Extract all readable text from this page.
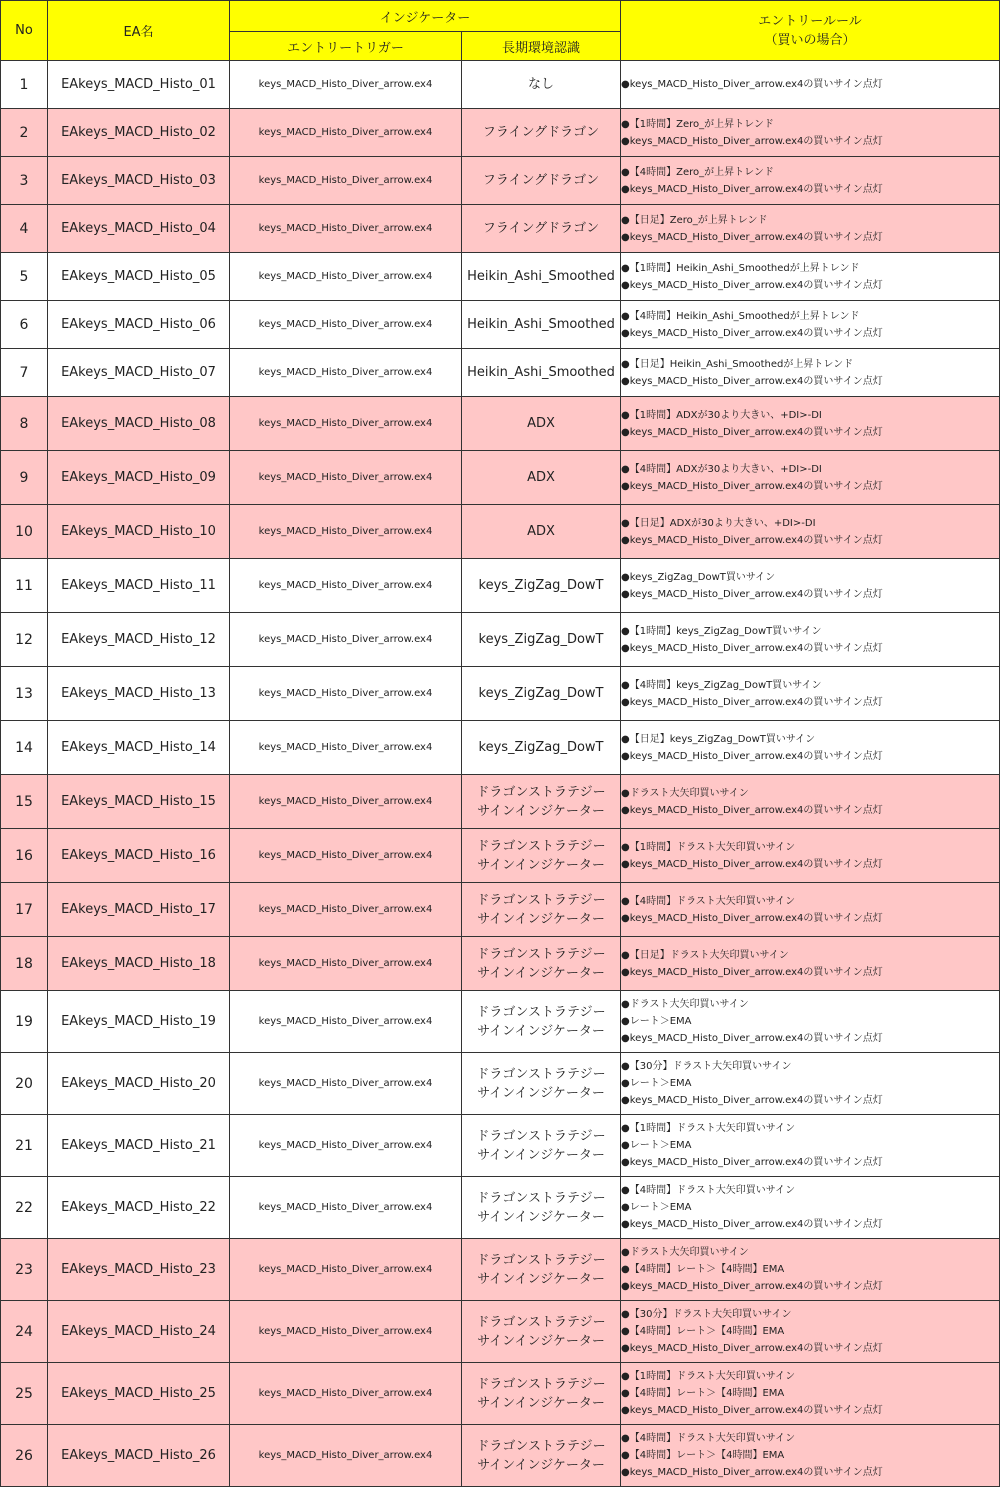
No	EA名	インジケーター		エントリールール
（買いの場合）

		エントリートリガー	長期環境認識	
1	EAkeys_MACD_Histo_01	keys_MACD_Histo_Diver_arrow.ex4	なし	●keys_MACD_Histo_Diver_arrow.ex4の買いサイン点灯

2	EAkeys_MACD_Histo_02	keys_MACD_Histo_Diver_arrow.ex4	フライングドラゴン	●【1時間】Zero_が上昇トレンド
●keys_MACD_Histo_Diver_arrow.ex4の買いサイン点灯

3	EAkeys_MACD_Histo_03	keys_MACD_Histo_Diver_arrow.ex4	フライングドラゴン	●【4時間】Zero_が上昇トレンド
●keys_MACD_Histo_Diver_arrow.ex4の買いサイン点灯

4	EAkeys_MACD_Histo_04	keys_MACD_Histo_Diver_arrow.ex4	フライングドラゴン	●【日足】Zero_が上昇トレンド
●keys_MACD_Histo_Diver_arrow.ex4の買いサイン点灯

5	EAkeys_MACD_Histo_05	keys_MACD_Histo_Diver_arrow.ex4	Heikin_Ashi_Smoothed	●【1時間】Heikin_Ashi_Smoothedが上昇トレンド
●keys_MACD_Histo_Diver_arrow.ex4の買いサイン点灯

6	EAkeys_MACD_Histo_06	keys_MACD_Histo_Diver_arrow.ex4	Heikin_Ashi_Smoothed	●【4時間】Heikin_Ashi_Smoothedが上昇トレンド
●keys_MACD_Histo_Diver_arrow.ex4の買いサイン点灯

7	EAkeys_MACD_Histo_07	keys_MACD_Histo_Diver_arrow.ex4	Heikin_Ashi_Smoothed	●【日足】Heikin_Ashi_Smoothedが上昇トレンド
●keys_MACD_Histo_Diver_arrow.ex4の買いサイン点灯

8	EAkeys_MACD_Histo_08	keys_MACD_Histo_Diver_arrow.ex4	ADX	●【1時間】ADXが30より大きい、+DI>-DI
●keys_MACD_Histo_Diver_arrow.ex4の買いサイン点灯

9	EAkeys_MACD_Histo_09	keys_MACD_Histo_Diver_arrow.ex4	ADX	●【4時間】ADXが30より大きい、+DI>-DI
●keys_MACD_Histo_Diver_arrow.ex4の買いサイン点灯

10	EAkeys_MACD_Histo_10	keys_MACD_Histo_Diver_arrow.ex4	ADX	●【日足】ADXが30より大きい、+DI>-DI
●keys_MACD_Histo_Diver_arrow.ex4の買いサイン点灯

11	EAkeys_MACD_Histo_11	keys_MACD_Histo_Diver_arrow.ex4	keys_ZigZag_DowT	●keys_ZigZag_DowT買いサイン
●keys_MACD_Histo_Diver_arrow.ex4の買いサイン点灯

12	EAkeys_MACD_Histo_12	keys_MACD_Histo_Diver_arrow.ex4	keys_ZigZag_DowT	●【1時間】keys_ZigZag_DowT買いサイン
●keys_MACD_Histo_Diver_arrow.ex4の買いサイン点灯

13	EAkeys_MACD_Histo_13	keys_MACD_Histo_Diver_arrow.ex4	keys_ZigZag_DowT	●【4時間】keys_ZigZag_DowT買いサイン
●keys_MACD_Histo_Diver_arrow.ex4の買いサイン点灯

14	EAkeys_MACD_Histo_14	keys_MACD_Histo_Diver_arrow.ex4	keys_ZigZag_DowT	●【日足】keys_ZigZag_DowT買いサイン
●keys_MACD_Histo_Diver_arrow.ex4の買いサイン点灯

15	EAkeys_MACD_Histo_15	keys_MACD_Histo_Diver_arrow.ex4	ドラゴンストラテジー
サインインジケーター	●ドラスト大矢印買いサイン
●keys_MACD_Histo_Diver_arrow.ex4の買いサイン点灯

16	EAkeys_MACD_Histo_16	keys_MACD_Histo_Diver_arrow.ex4	ドラゴンストラテジー
サインインジケーター	●【1時間】ドラスト大矢印買いサイン
●keys_MACD_Histo_Diver_arrow.ex4の買いサイン点灯

17	EAkeys_MACD_Histo_17	keys_MACD_Histo_Diver_arrow.ex4	ドラゴンストラテジー
サインインジケーター	●【4時間】ドラスト大矢印買いサイン
●keys_MACD_Histo_Diver_arrow.ex4の買いサイン点灯

18	EAkeys_MACD_Histo_18	keys_MACD_Histo_Diver_arrow.ex4	ドラゴンストラテジー
サインインジケーター	●【日足】ドラスト大矢印買いサイン
●keys_MACD_Histo_Diver_arrow.ex4の買いサイン点灯

19	EAkeys_MACD_Histo_19	keys_MACD_Histo_Diver_arrow.ex4	ドラゴンストラテジー
サインインジケーター	●ドラスト大矢印買いサイン
●レート＞EMA
●keys_MACD_Histo_Diver_arrow.ex4の買いサイン点灯

20	EAkeys_MACD_Histo_20	keys_MACD_Histo_Diver_arrow.ex4	ドラゴンストラテジー
サインインジケーター	●【30分】ドラスト大矢印買いサイン
●レート＞EMA
●keys_MACD_Histo_Diver_arrow.ex4の買いサイン点灯

21	EAkeys_MACD_Histo_21	keys_MACD_Histo_Diver_arrow.ex4	ドラゴンストラテジー
サインインジケーター	●【1時間】ドラスト大矢印買いサイン
●レート＞EMA
●keys_MACD_Histo_Diver_arrow.ex4の買いサイン点灯

22	EAkeys_MACD_Histo_22	keys_MACD_Histo_Diver_arrow.ex4	ドラゴンストラテジー
サインインジケーター	●【4時間】ドラスト大矢印買いサイン
●レート＞EMA
●keys_MACD_Histo_Diver_arrow.ex4の買いサイン点灯

23	EAkeys_MACD_Histo_23	keys_MACD_Histo_Diver_arrow.ex4	ドラゴンストラテジー
サインインジケーター	●ドラスト大矢印買いサイン
●【4時間】レート＞【4時間】EMA
●keys_MACD_Histo_Diver_arrow.ex4の買いサイン点灯

24	EAkeys_MACD_Histo_24	keys_MACD_Histo_Diver_arrow.ex4	ドラゴンストラテジー
サインインジケーター	●【30分】ドラスト大矢印買いサイン
●【4時間】レート＞【4時間】EMA
●keys_MACD_Histo_Diver_arrow.ex4の買いサイン点灯

25	EAkeys_MACD_Histo_25	keys_MACD_Histo_Diver_arrow.ex4	ドラゴンストラテジー
サインインジケーター	●【1時間】ドラスト大矢印買いサイン
●【4時間】レート＞【4時間】EMA
●keys_MACD_Histo_Diver_arrow.ex4の買いサイン点灯

26	EAkeys_MACD_Histo_26	keys_MACD_Histo_Diver_arrow.ex4	ドラゴンストラテジー
サインインジケーター	●【4時間】ドラスト大矢印買いサイン
●【4時間】レート＞【4時間】EMA
●keys_MACD_Histo_Diver_arrow.ex4の買いサイン点灯
